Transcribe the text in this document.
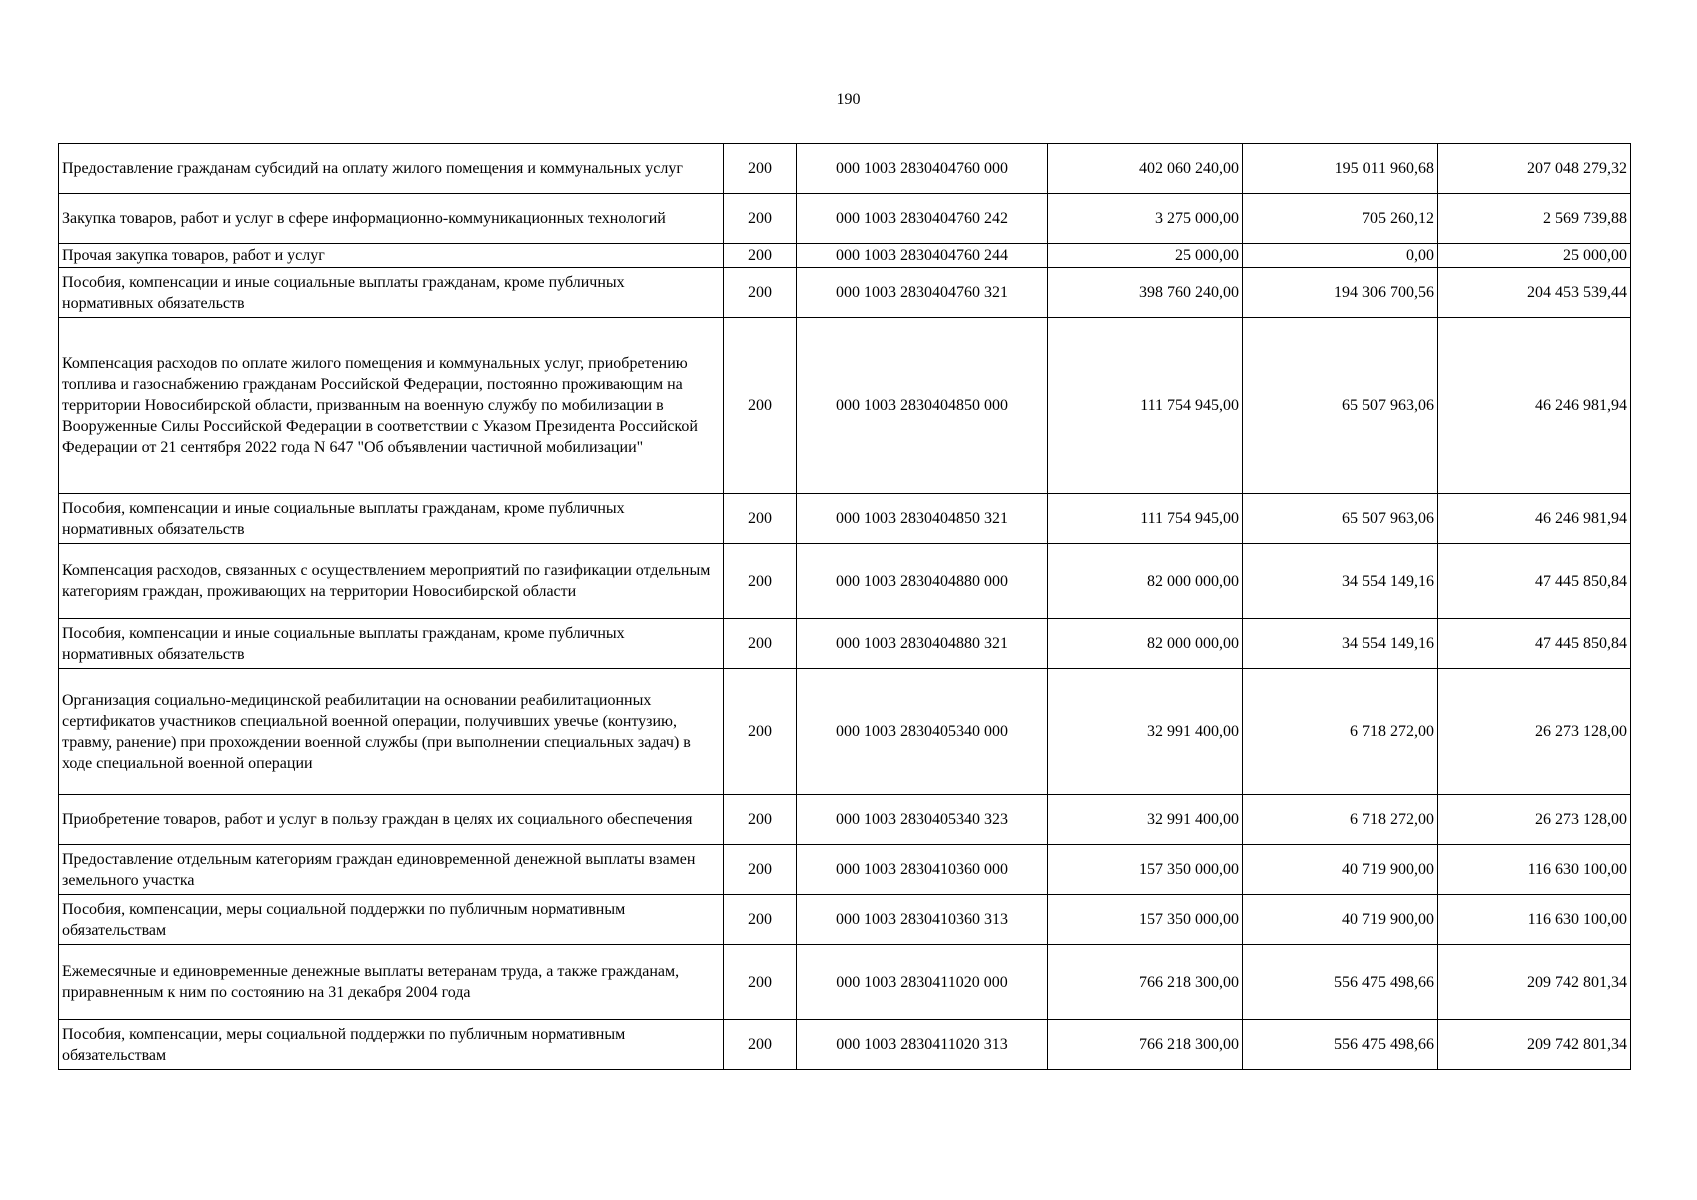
190
Предоставление гражданам субсидий на оплату жилого помещения и коммунальных услуг	200	000 1003 2830404760 000	402 060 240,00	195 011 960,68	207 048 279,32
Закупка товаров, работ и услуг в сфере информационно-коммуникационных технологий	200	000 1003 2830404760 242	3 275 000,00	705 260,12	2 569 739,88
Прочая закупка товаров, работ и услуг	200	000 1003 2830404760 244	25 000,00	0,00	25 000,00
Пособия, компенсации и иные социальные выплаты гражданам, кроме публичных нормативных обязательств	200	000 1003 2830404760 321	398 760 240,00	194 306 700,56	204 453 539,44
Компенсация расходов по оплате жилого помещения и коммунальных услуг, приобретению топлива и газоснабжению гражданам Российской Федерации, постоянно проживающим на территории Новосибирской области, призванным на военную службу по мобилизации в Вооруженные Силы Российской Федерации в соответствии с Указом Президента Российской Федерации от 21 сентября 2022 года N 647 "Об объявлении частичной мобилизации"	200	000 1003 2830404850 000	111 754 945,00	65 507 963,06	46 246 981,94
Пособия, компенсации и иные социальные выплаты гражданам, кроме публичных нормативных обязательств	200	000 1003 2830404850 321	111 754 945,00	65 507 963,06	46 246 981,94
Компенсация расходов, связанных с осуществлением мероприятий по газификации отдельным категориям граждан, проживающих на территории Новосибирской области	200	000 1003 2830404880 000	82 000 000,00	34 554 149,16	47 445 850,84
Пособия, компенсации и иные социальные выплаты гражданам, кроме публичных нормативных обязательств	200	000 1003 2830404880 321	82 000 000,00	34 554 149,16	47 445 850,84
Организация социально-медицинской реабилитации на основании реабилитационных сертификатов участников специальной военной операции, получивших увечье (контузию, травму, ранение) при прохождении военной службы (при выполнении специальных задач) в ходе специальной военной операции	200	000 1003 2830405340 000	32 991 400,00	6 718 272,00	26 273 128,00
Приобретение товаров, работ и услуг в пользу граждан в целях их социального обеспечения	200	000 1003 2830405340 323	32 991 400,00	6 718 272,00	26 273 128,00
Предоставление отдельным категориям граждан единовременной денежной выплаты взамен земельного участка	200	000 1003 2830410360 000	157 350 000,00	40 719 900,00	116 630 100,00
Пособия, компенсации, меры социальной поддержки по публичным нормативным обязательствам	200	000 1003 2830410360 313	157 350 000,00	40 719 900,00	116 630 100,00
Ежемесячные и единовременные денежные выплаты ветеранам труда, а также гражданам, приравненным к ним по состоянию на 31 декабря 2004 года	200	000 1003 2830411020 000	766 218 300,00	556 475 498,66	209 742 801,34
Пособия, компенсации, меры социальной поддержки по публичным нормативным обязательствам	200	000 1003 2830411020 313	766 218 300,00	556 475 498,66	209 742 801,34
